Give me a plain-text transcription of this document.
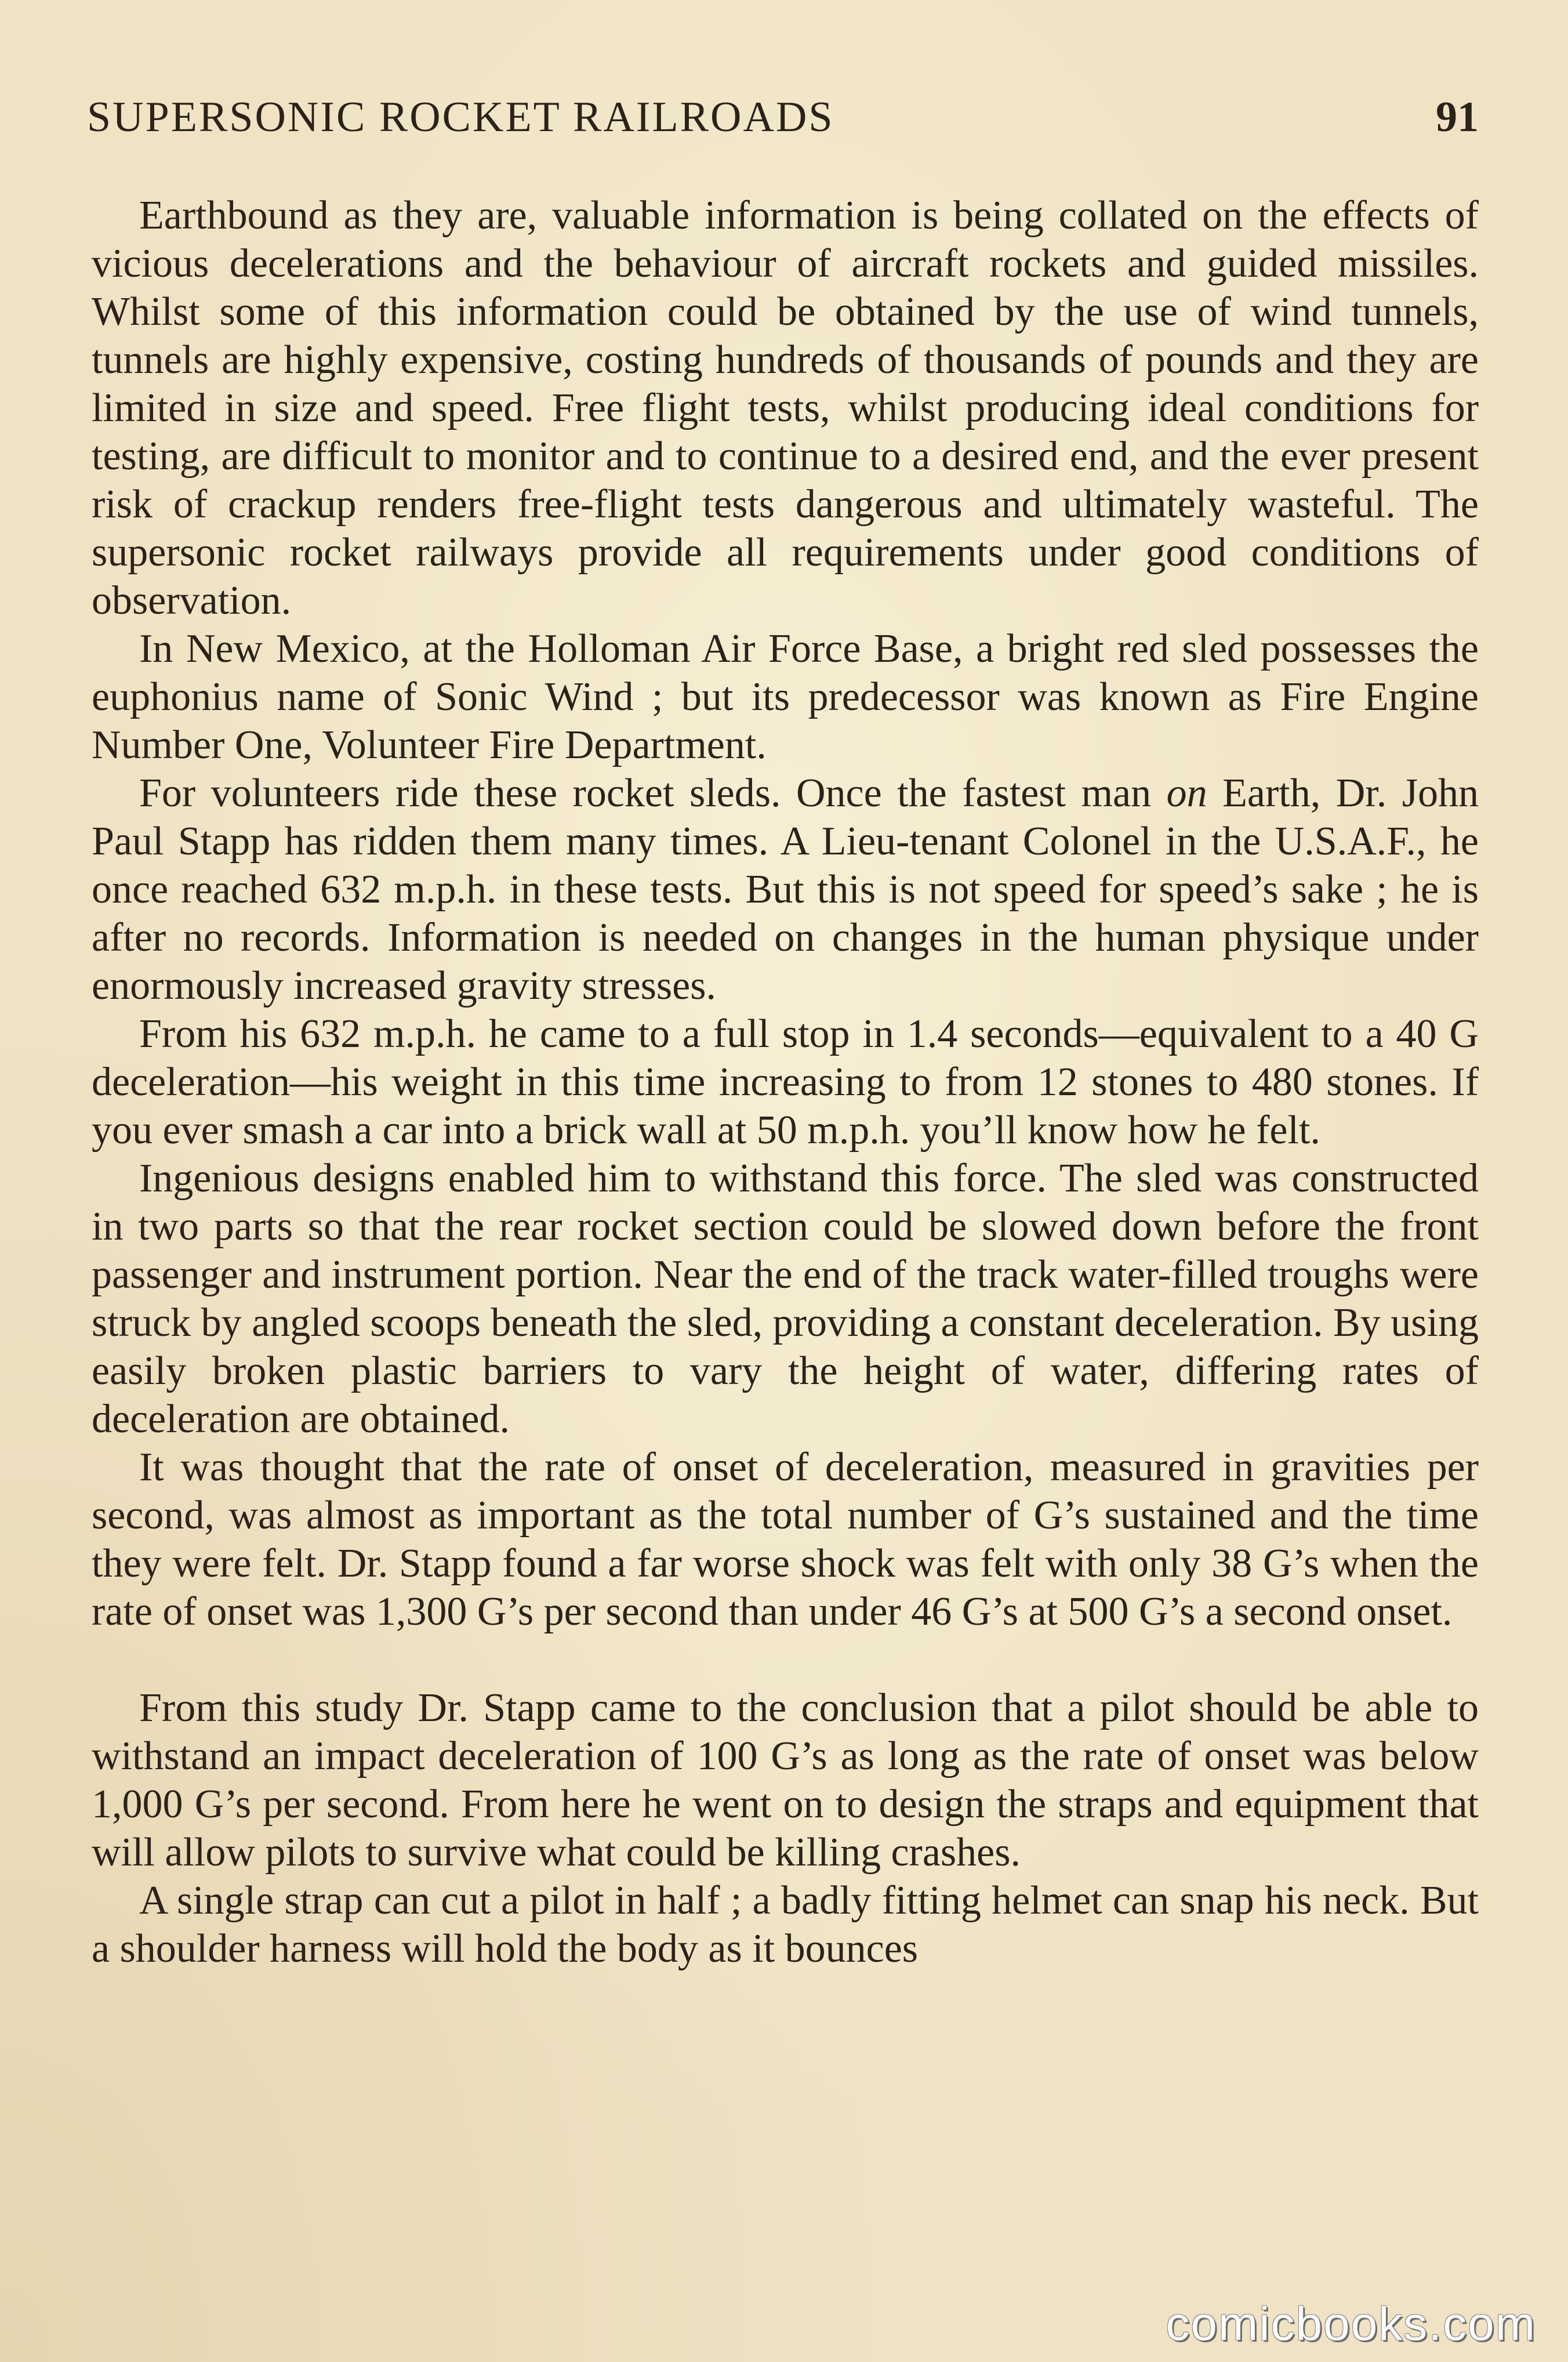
SUPERSONIC ROCKET RAILROADS	91

Earthbound as they are, valuable information is being collated on the effects of vicious decelerations and the behaviour of aircraft rockets and guided missiles. Whilst some of this information could be obtained by the use of wind tunnels, tunnels are highly expensive, costing hundreds of thousands of pounds and they are limited in size and speed. Free flight tests, whilst producing ideal conditions for testing, are difficult to monitor and to continue to a desired end, and the ever present risk of crackup renders free-flight tests dangerous and ultimately wasteful. The supersonic rocket railways provide all requirements under good conditions of observation.

In New Mexico, at the Holloman Air Force Base, a bright red sled possesses the euphonius name of Sonic Wind ; but its predecessor was known as Fire Engine Number One, Volunteer Fire Department.

For volunteers ride these rocket sleds. Once the fastest man on Earth, Dr. John Paul Stapp has ridden them many times. A Lieu-tenant Colonel in the U.S.A.F., he once reached 632 m.p.h. in these tests. But this is not speed for speed’s sake ; he is after no records. Information is needed on changes in the human physique under enormously increased gravity stresses.

From his 632 m.p.h. he came to a full stop in 1.4 seconds—equivalent to a 40 G deceleration—his weight in this time increasing to from 12 stones to 480 stones. If you ever smash a car into a brick wall at 50 m.p.h. you’ll know how he felt.

Ingenious designs enabled him to withstand this force. The sled was constructed in two parts so that the rear rocket section could be slowed down before the front passenger and instrument portion. Near the end of the track water-filled troughs were struck by angled scoops beneath the sled, providing a constant deceleration. By using easily broken plastic barriers to vary the height of water, differing rates of deceleration are obtained.

It was thought that the rate of onset of deceleration, measured in gravities per second, was almost as important as the total number of G’s sustained and the time they were felt. Dr. Stapp found a far worse shock was felt with only 38 G’s when the rate of onset was 1,300 G’s per second than under 46 G’s at 500 G’s a second onset.

From this study Dr. Stapp came to the conclusion that a pilot should be able to withstand an impact deceleration of 100 G’s as long as the rate of onset was below 1,000 G’s per second. From here he went on to design the straps and equipment that will allow pilots to survive what could be killing crashes.

A single strap can cut a pilot in half ; a badly fitting helmet can snap his neck. But a shoulder harness will hold the body as it bounces

comicbooks.com
